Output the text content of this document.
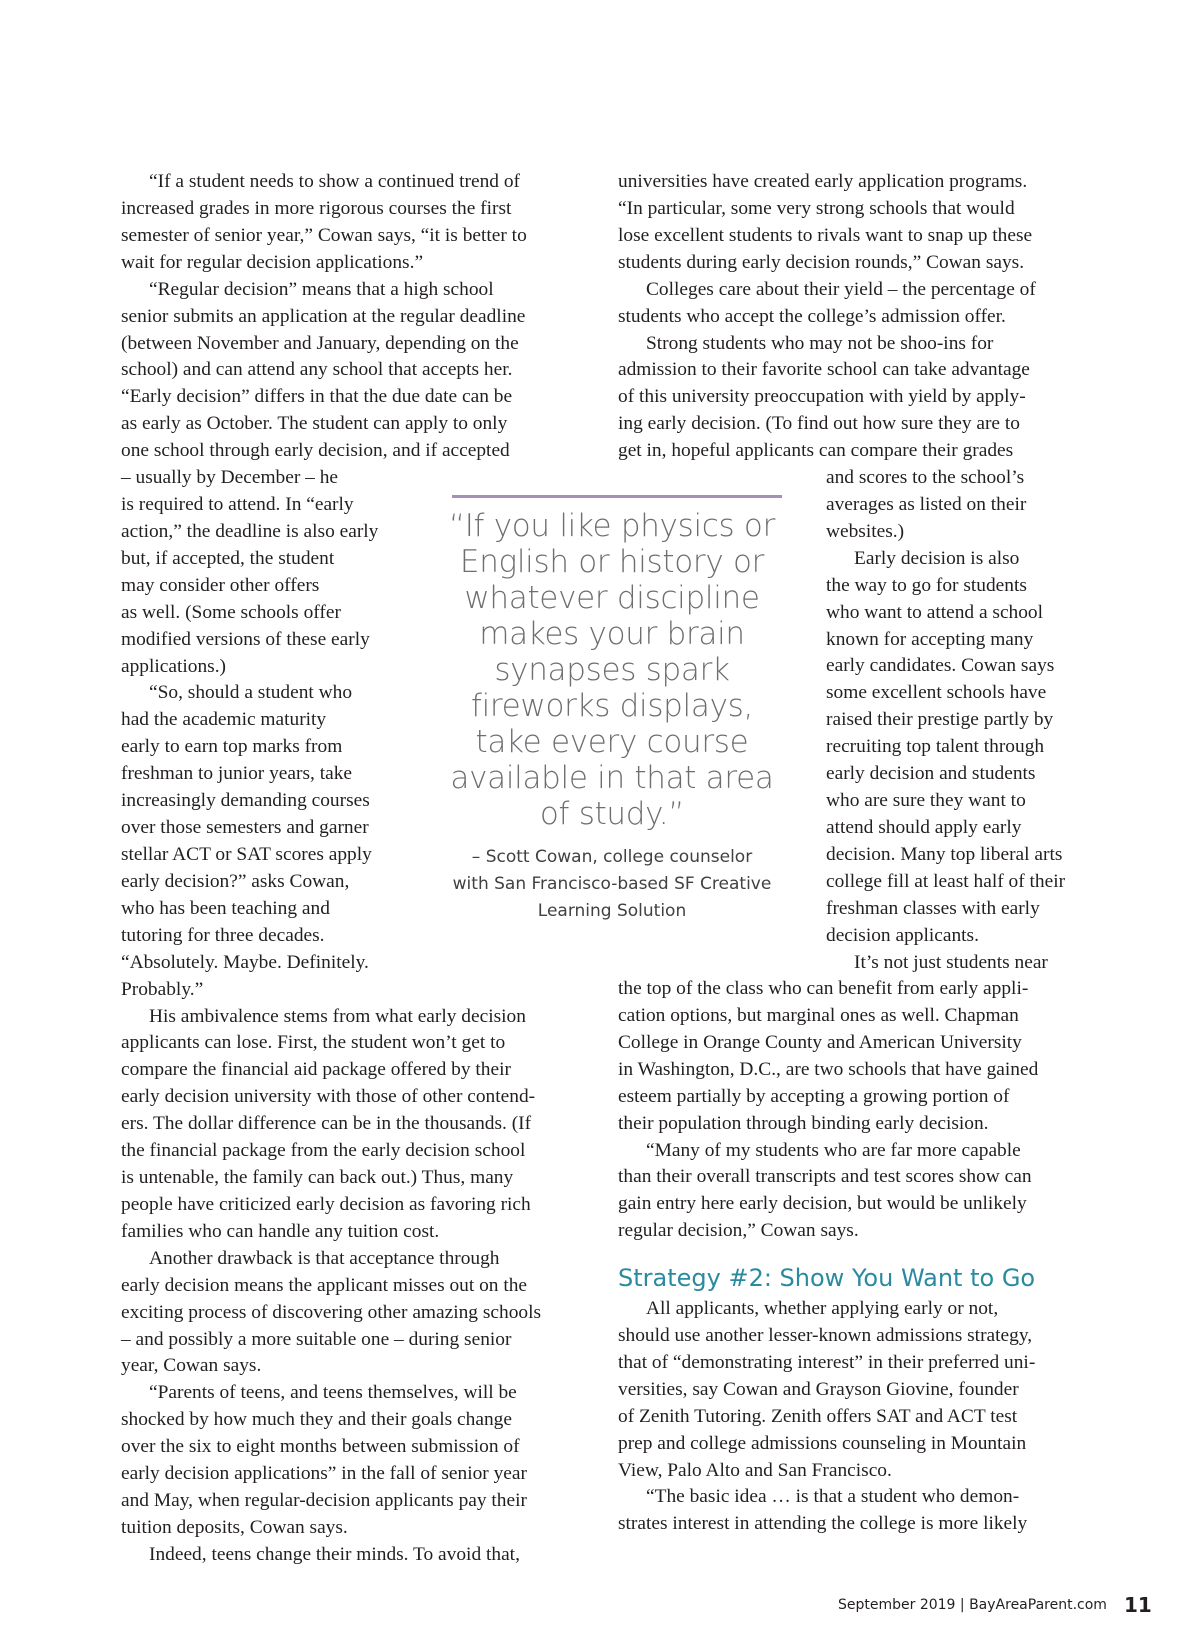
“If a student needs to show a continued trend of
increased grades in more rigorous courses the first
semester of senior year,” Cowan says, “it is better to
wait for regular decision applications.”
“Regular decision” means that a high school
senior submits an application at the regular deadline
(between November and January, depending on the
school) and can attend any school that accepts her.
“Early decision” differs in that the due date can be
as early as October. The student can apply to only
one school through early decision, and if accepted
– usually by December – he
is required to attend. In “early
action,” the deadline is also early
but, if accepted, the student
may consider other offers
as well. (Some schools offer
modified versions of these early
applications.)
“So, should a student who
had the academic maturity
early to earn top marks from
freshman to junior years, take
increasingly demanding courses
over those semesters and garner
stellar ACT or SAT scores apply
early decision?” asks Cowan,
who has been teaching and
tutoring for three decades.
“Absolutely. Maybe. Definitely.
Probably.”
His ambivalence stems from what early decision
applicants can lose. First, the student won’t get to
compare the financial aid package offered by their
early decision university with those of other contend-
ers. The dollar difference can be in the thousands. (If
the financial package from the early decision school
is untenable, the family can back out.) Thus, many
people have criticized early decision as favoring rich
families who can handle any tuition cost.
Another drawback is that acceptance through
early decision means the applicant misses out on the
exciting process of discovering other amazing schools
– and possibly a more suitable one – during senior
year, Cowan says.
“Parents of teens, and teens themselves, will be
shocked by how much they and their goals change
over the six to eight months between submission of
early decision applications” in the fall of senior year
and May, when regular-decision applicants pay their
tuition deposits, Cowan says.
Indeed, teens change their minds. To avoid that,
universities have created early application programs.
“In particular, some very strong schools that would
lose excellent students to rivals want to snap up these
students during early decision rounds,” Cowan says.
Colleges care about their yield – the percentage of
students who accept the college’s admission offer.
Strong students who may not be shoo-ins for
admission to their favorite school can take advantage
of this university preoccupation with yield by apply-
ing early decision. (To find out how sure they are to
get in, hopeful applicants can compare their grades
and scores to the school’s
averages as listed on their
websites.)
Early decision is also
the way to go for students
who want to attend a school
known for accepting many
early candidates. Cowan says
some excellent schools have
raised their prestige partly by
recruiting top talent through
early decision and students
who are sure they want to
attend should apply early
decision. Many top liberal arts
college fill at least half of their
freshman classes with early
decision applicants.
It’s not just students near
the top of the class who can benefit from early appli-
cation options, but marginal ones as well. Chapman
College in Orange County and American University
in Washington, D.C., are two schools that have gained
esteem partially by accepting a growing portion of
their population through binding early decision.
“Many of my students who are far more capable
than their overall transcripts and test scores show can
gain entry here early decision, but would be unlikely
regular decision,” Cowan says.
All applicants, whether applying early or not,
should use another lesser-known admissions strategy,
that of “demonstrating interest” in their preferred uni-
versities, say Cowan and Grayson Giovine, founder
of Zenith Tutoring. Zenith offers SAT and ACT test
prep and college admissions counseling in Mountain
View, Palo Alto and San Francisco.
“The basic idea … is that a student who demon-
strates interest in attending the college is more likely
“If you like physics or
English or history or
whatever discipline
makes your brain
synapses spark
fireworks displays,
take every course
available in that area
of study.”
– Scott Cowan, college counselor
with San Francisco-based SF Creative
Learning Solution
Strategy #2: Show You Want to Go
September 2019 | BayAreaParent.com 11
